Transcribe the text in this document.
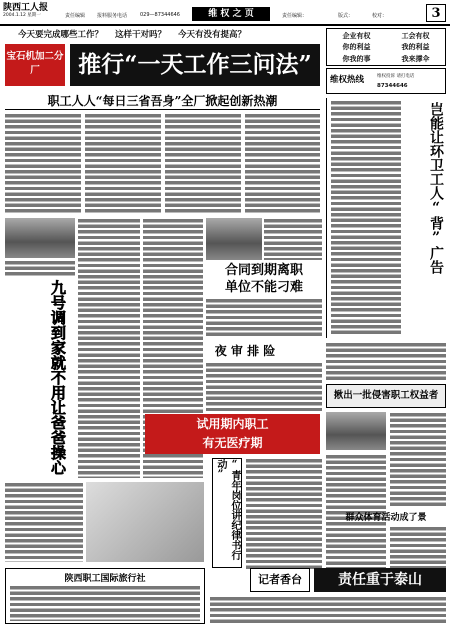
陕西工人报
2004.1.12 星期一	责任编辑 报料服务电话	029—87344646	维 权 之 页	责任编辑：	版式：	校对：	3
今天要完成哪些工作？ 这样干对吗？ 今天有没有提高？
宝石机加二分厂	推行“一天工作三问法”
职工人人“每日三省吾身”全厂掀起创新热潮
企业有权	工会有权
你的利益	我的利益
你我的事	我来撑伞
维权热线	维权投诉 请打电话
87344646
岂能让环卫工人“背”广告
九号调到家就不用让爸爸操心
合同到期离职
单位不能刁难
夜 审 排 险
试用期内职工
有无医疗期
揪出一批侵害职工权益者
“青年岗位讲纪律书行动”
群众体育活动成了景
陕西职工国际旅行社	记者香台	责任重于泰山
